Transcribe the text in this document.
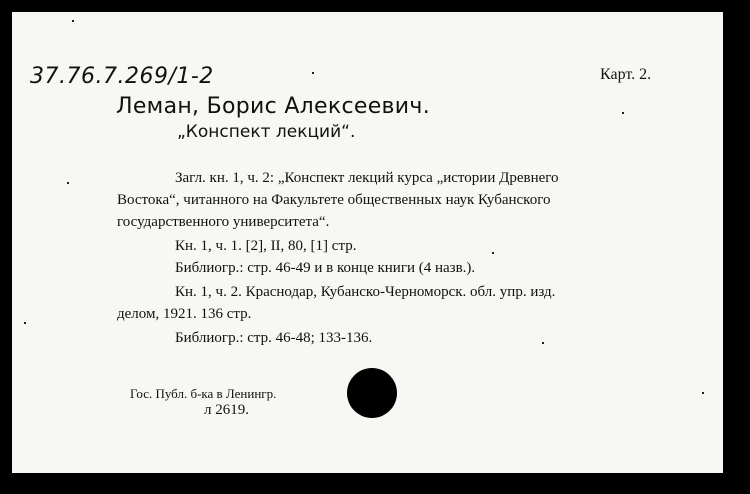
37.76.7.269/1-2	Карт. 2.
Леман, Борис Алексеевич.
„Конспект лекций“.
Загл. кн. 1, ч. 2: „Конспект лекций курса „истории Древнего
Востока“, читанного на Факультете общественных наук Кубанского
государственного университета“.
Кн. 1, ч. 1. [2], II, 80, [1] стр.
Библиогр.: стр. 46-49 и в конце книги (4 назв.).
Кн. 1, ч. 2. Краснодар, Кубанско-Черноморск. обл. упр. изд.
делом, 1921. 136 стр.
Библиогр.: стр. 46-48; 133-136.
Гос. Публ. б-ка в Ленингр.
л 2619.
